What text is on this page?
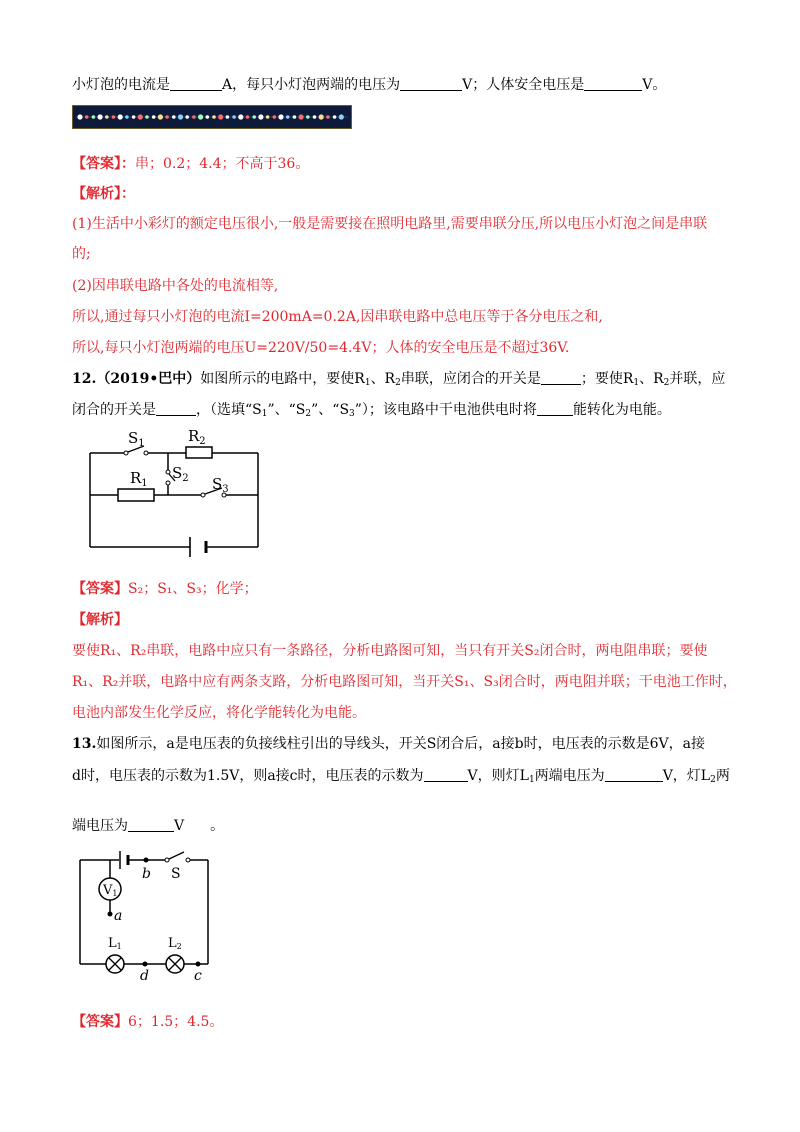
小灯泡的电流是	A，每只小灯泡两端的电压为	V；人体安全电压是	V。
【答案】：串；0.2；4.4；不高于36。
【解析】：
(1)生活中小彩灯的额定电压很小,一般是需要接在照明电路里,需要串联分压,所以电压小灯泡之间是串联
的;
(2)因串联电路中各处的电流相等,
所以,通过每只小灯泡的电流I=200mA=0.2A,因串联电路中总电压等于各分电压之和,
所以,每只小灯泡两端的电压U=220V/50=4.4V；人体的安全电压是不超过36V.
12.（2019•巴中）如图所示的电路中，要使$R_1$、$R_2$串联，应闭合的开关是	；要使$R_1$、$R_2$并联，应
闭合的开关是	，（选填“$S_1$”、“$S_2$”、“$S_3$”）；该电路中干电池供电时将	能转化为电能。
$S_1$	$R_2$
$R_1$
$S_2$ $S_3$
【答案】S₂；S₁、S₃；化学；
【解析】
要使R₁、R₂串联，电路中应只有一条路径，分析电路图可知，当只有开关S₂闭合时，两电阻串联；要使
R₁、R₂并联，电路中应有两条支路，分析电路图可知，当开关S₁、S₃闭合时，两电阻并联；干电池工作时，
电池内部发生化学反应，将化学能转化为电能。
13.如图所示，a是电压表的负接线柱引出的导线头，开关S闭合后，a接b时，电压表的示数是6V，a接
d时，电压表的示数为1.5V，则a接c时，电压表的示数为	V，则灯$L_1$两端电压为	V，灯$L_2$两
端电压为	V 。
V1
b S
a
L1	L2
d	c
【答案】6；1.5；4.5。
